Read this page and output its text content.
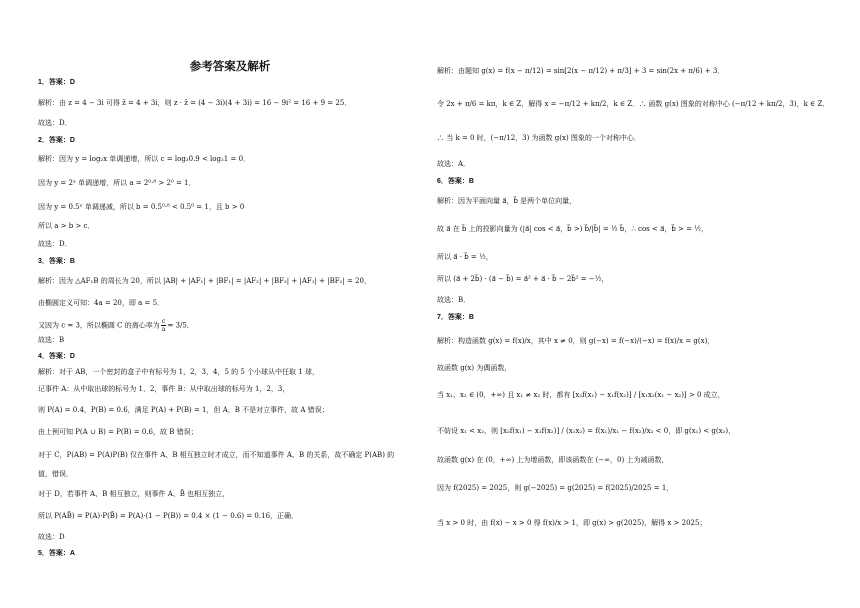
参考答案及解析
1．答案：D
解析：由 z = 4 − 3i 可得 z̄ = 4 + 3i，则 z · z̄ = (4 − 3i)(4 + 3i) = 16 − 9i² = 16 + 9 = 25．
故选：D．
2．答案：D
解析：因为 y = log₂x 单调递增，所以 c = log₂0.9 < log₂1 = 0．
因为 y = 2ˣ 单调递增，所以 a = 2⁰·⁸ > 2⁰ = 1．
因为 y = 0.5ˣ 单调递减，所以 b = 0.5⁰·⁸ < 0.5⁰ = 1，且 b > 0
所以 a > b > c．
故选：D．
3．答案：B
解析：因为 △AF₁B 的周长为 20，所以 |AB| + |AF₁| + |BF₁| = |AF₂| + |BF₂| + |AF₁| + |BF₁| = 20，
由椭圆定义可知：4a = 20，即 a = 5．
又因为 c = 3，所以椭圆 C 的离心率为 $\frac{c}{a} = 3/5$．
故选：B
4．答案：D
解析：对于 AB，一个密封的盒子中有标号为 1，2，3，4，5 的 5 个小球从中任取 1 球，
记事件 A：从中取出球的标号为 1，2，事件 B：从中取出球的标号为 1，2，3，
则 P(A) = 0.4，P(B) = 0.6，满足 P(A) + P(B) = 1，但 A，B 不是对立事件，故 A 错误；
由上例可知 P(A ∪ B) = P(B) = 0.6，故 B 错误；
对于 C，P(AB) = P(A)P(B) 仅在事件 A、B 相互独立时才成立，而不知道事件 A、B 的关系，故不确定 P(AB) 的
值，错误．
对于 D，若事件 A、B 相互独立，则事件 A、B̄ 也相互独立，
所以 P(AB̄) = P(A)·P(B̄) = P(A)·(1 − P(B)) = 0.4 × (1 − 0.6) = 0.16，正确．
故选：D
5．答案：A
解析：由题知 g(x) = f(x − π/12) = sin[2(x − π/12) + π/3] + 3 = sin(2x + π/6) + 3．
令 2x + π/6 = kπ，k ∈ Z，解得 x = −π/12 + kπ/2，k ∈ Z．∴ 函数 g(x) 图象的对称中心 (−π/12 + kπ/2，3)，k ∈ Z．
∴ 当 k = 0 时，(−π/12，3) 为函数 g(x) 图象的一个对称中心．
故选：A．
6．答案：B
解析：因为平面向量 a⃗，b⃗ 是两个单位向量，
故 a⃗ 在 b⃗ 上的投影向量为 (|a⃗| cos < a⃗，b⃗ >) b⃗/|b⃗| = ½ b⃗，∴ cos < a⃗，b⃗ > = ½，
所以 a⃗ · b⃗ = ½，
所以 (a⃗ + 2b⃗) · (a⃗ − b⃗) = a⃗² + a⃗ · b⃗ − 2b⃗² = −½，
故选：B．
7．答案：B
解析：构造函数 g(x) = f(x)/x，其中 x ≠ 0，则 g(−x) = f(−x)/(−x) = f(x)/x = g(x)，
故函数 g(x) 为偶函数，
当 x₁，x₂ ∈ (0，+∞) 且 x₁ ≠ x₂ 时，都有 [x₂f(x₁) − x₁f(x₂)] / [x₁x₂(x₁ − x₂)] > 0 成立，
不妨设 x₁ < x₂，则 [x₂f(x₁) − x₁f(x₂)] / (x₁x₂) = f(x₁)/x₁ − f(x₂)/x₂ < 0，即 g(x₁) < g(x₂)，
故函数 g(x) 在 (0，+∞) 上为增函数，即该函数在 (−∞，0) 上为减函数，
因为 f(2025) = 2025，则 g(−2025) = g(2025) = f(2025)/2025 = 1，
当 x > 0 时，由 f(x) − x > 0 得 f(x)/x > 1，即 g(x) > g(2025)，解得 x > 2025；
